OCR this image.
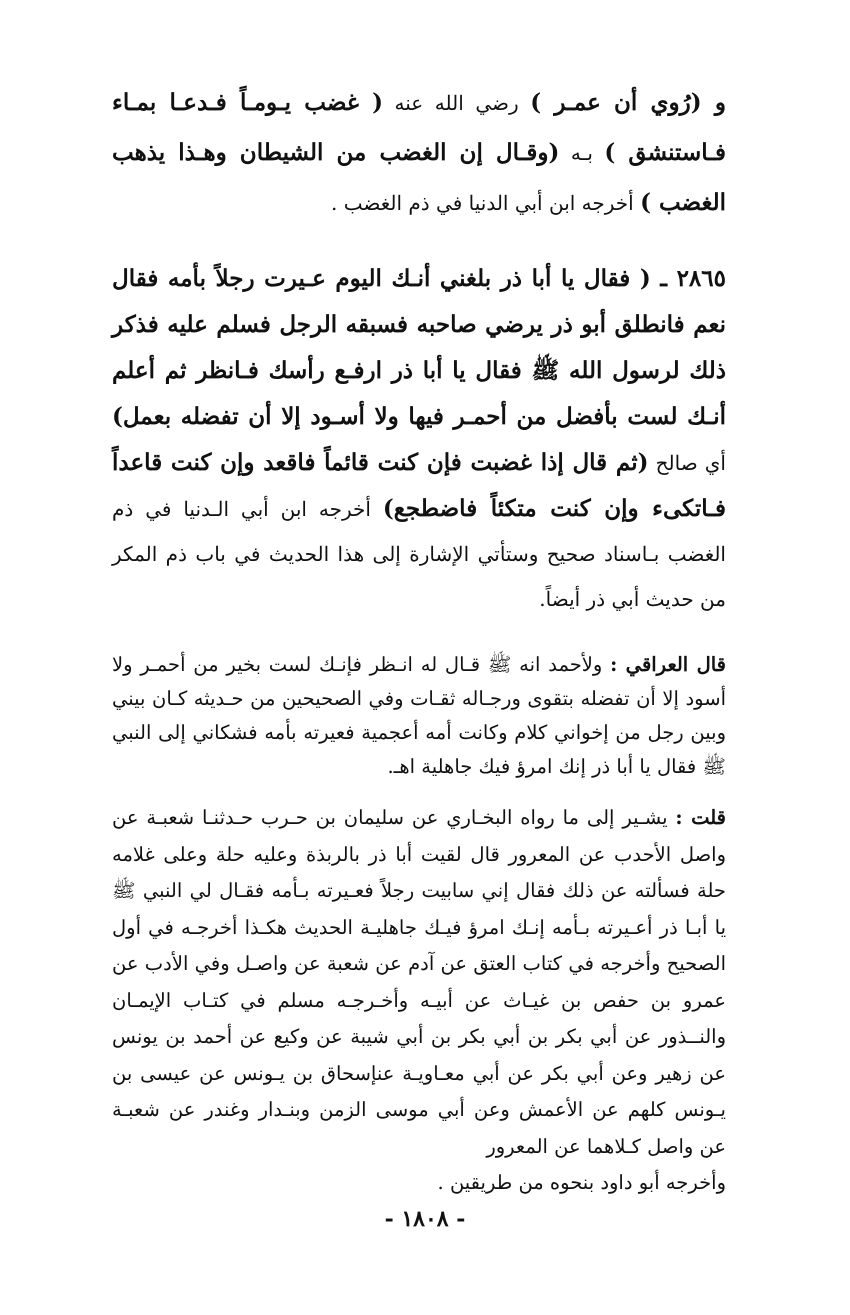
و (رُوي أن عمـر ) رضي الله عنه ( غضب يـومـاً فـدعـا بمـاء فـاستنشق ) بـه (وقـال إن الغضب من الشيطان وهـذا يذهب الغضب ) أخرجه ابن أبي الدنيا في ذم الغضب .

٢٨٦٥ ـ ( فقال يا أبا ذر بلغني أنـك اليوم عـيرت رجلاً بأمه فقال نعم فانطلق أبو ذر يرضي صاحبه فسبقه الرجل فسلم عليه فذكر ذلك لرسول الله ﷺ فقال يا أبا ذر ارفـع رأسك فـانظر ثم أعلم أنـك لست بأفضل من أحمـر فيها ولا أسـود إلا أن تفضله بعمل) أي صالح (ثم قال إذا غضبت فإن كنت قائماً فاقعد وإن كنت قاعداً فـاتكىء وإن كنت متكئاً فاضطجع) أخرجه ابن أبي الـدنيا في ذم الغضب بـاسناد صحيح وستأتي الإشارة إلى هذا الحديث في باب ذم المكر من حديث أبي ذر أيضاً.

قال العراقي : ولأحمد انه ﷺ قـال له انـظر فإنـك لست بخير من أحمـر ولا أسود إلا أن تفضله بتقوى ورجـاله ثقـات وفي الصحيحين من حـديثه كـان بيني وبين رجل من إخواني كلام وكانت أمه أعجمية فعيرته بأمه فشكاني إلى النبي ﷺ فقال يا أبا ذر إنك امرؤ فيك جاهلية اهـ.

قلت : يشـير إلى ما رواه البخـاري عن سليمان بن حـرب حـدثنـا شعبـة عن واصل الأحدب عن المعرور قال لقيت أبا ذر بالربذة وعليه حلة وعلى غلامه حلة فسألته عن ذلك فقال إني سابيت رجلاً فعـيرته بـأمه فقـال لي النبي ﷺ يا أبـا ذر أعـيرته بـأمه إنـك امرؤ فيـك جاهليـة الحديث هكـذا أخرجـه في أول الصحيح وأخرجه في كتاب العتق عن آدم عن شعبة عن واصـل وفي الأدب عن عمرو بن حفص بن غيـاث عن أبيـه وأخـرجـه مسلم في كتـاب الإيمـان والنــذور عن أبي بكر بن أبي بكر بن أبي شيبة عن وكيع عن أحمد بن يونس عن زهير وعن أبي بكر عن أبي معـاويـة عنإسحاق بن يـونس عن عيسى بن يـونس كلهم عن الأعمش وعن أبي موسى الزمن وبنـدار وغندر عن شعبـة عن واصل كـلاهما عن المعرور
وأخرجه أبو داود بنحوه من طريقين .

- ١٨٠٨ -
